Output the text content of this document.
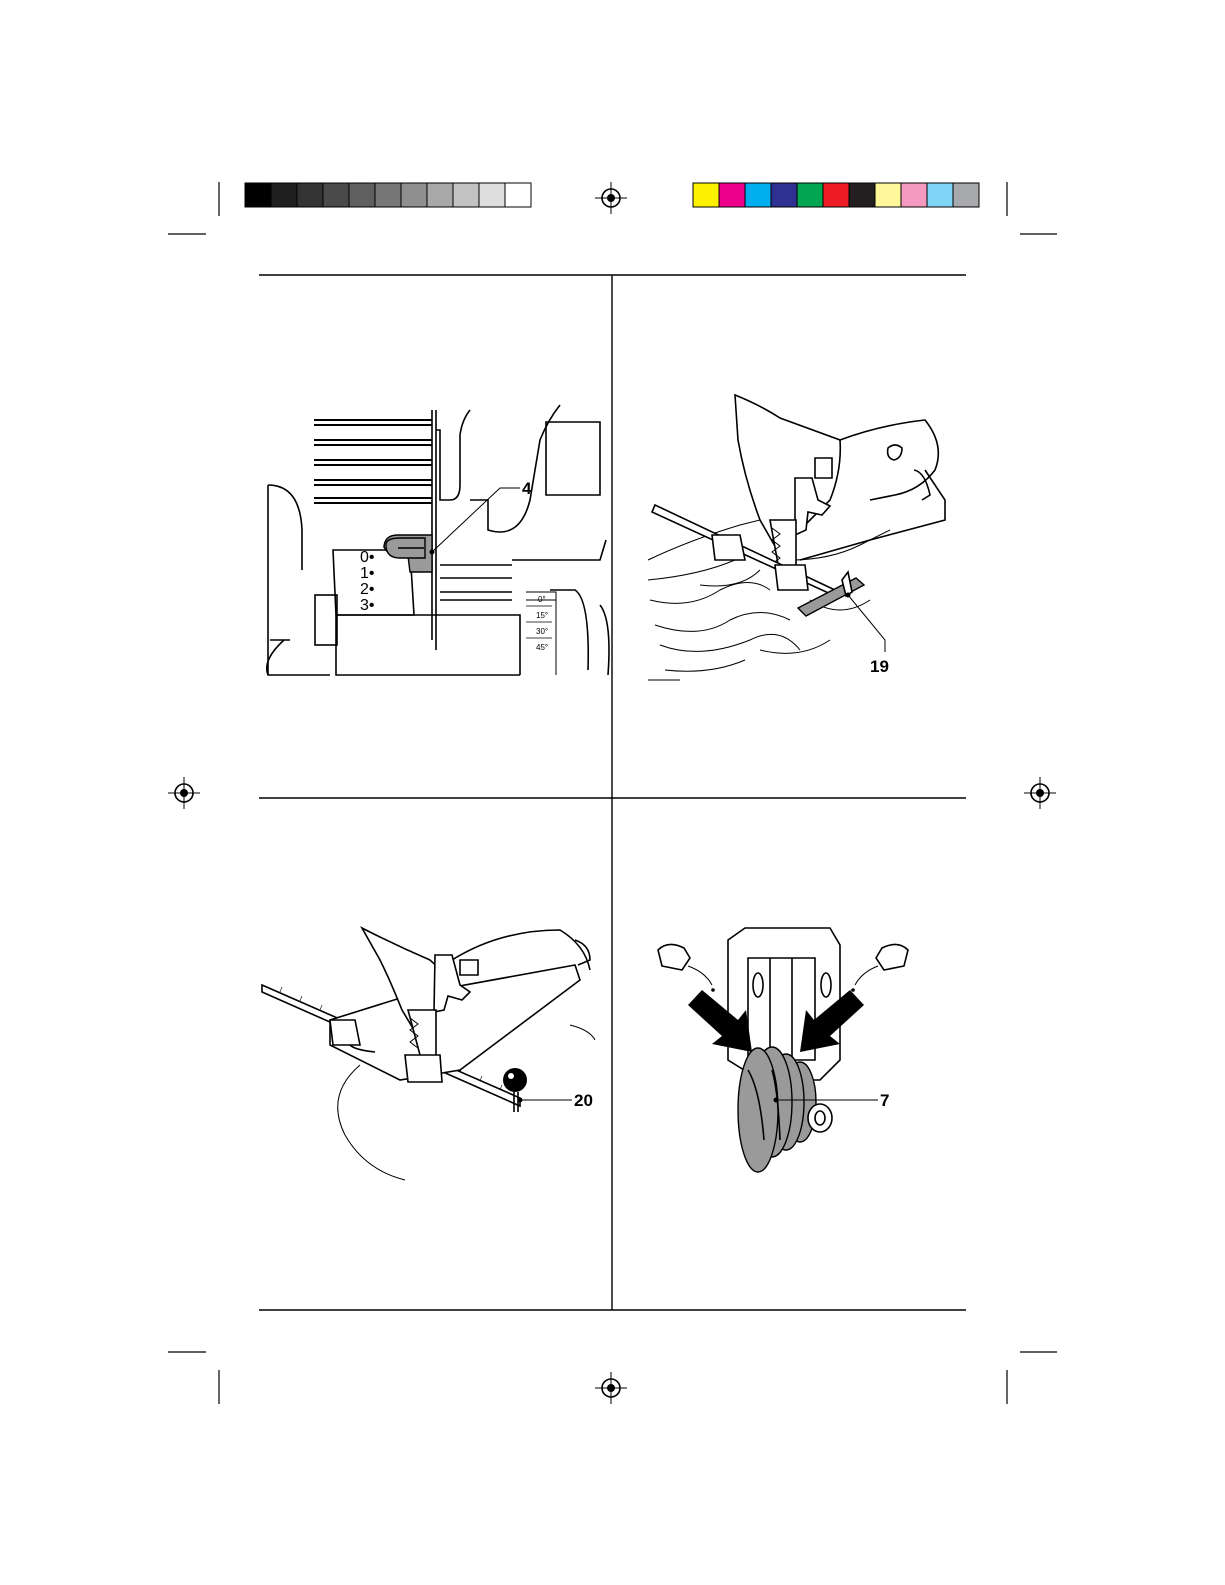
0•
1•
2•
3•	0°
15°
30°
45°
4
19
20	7
